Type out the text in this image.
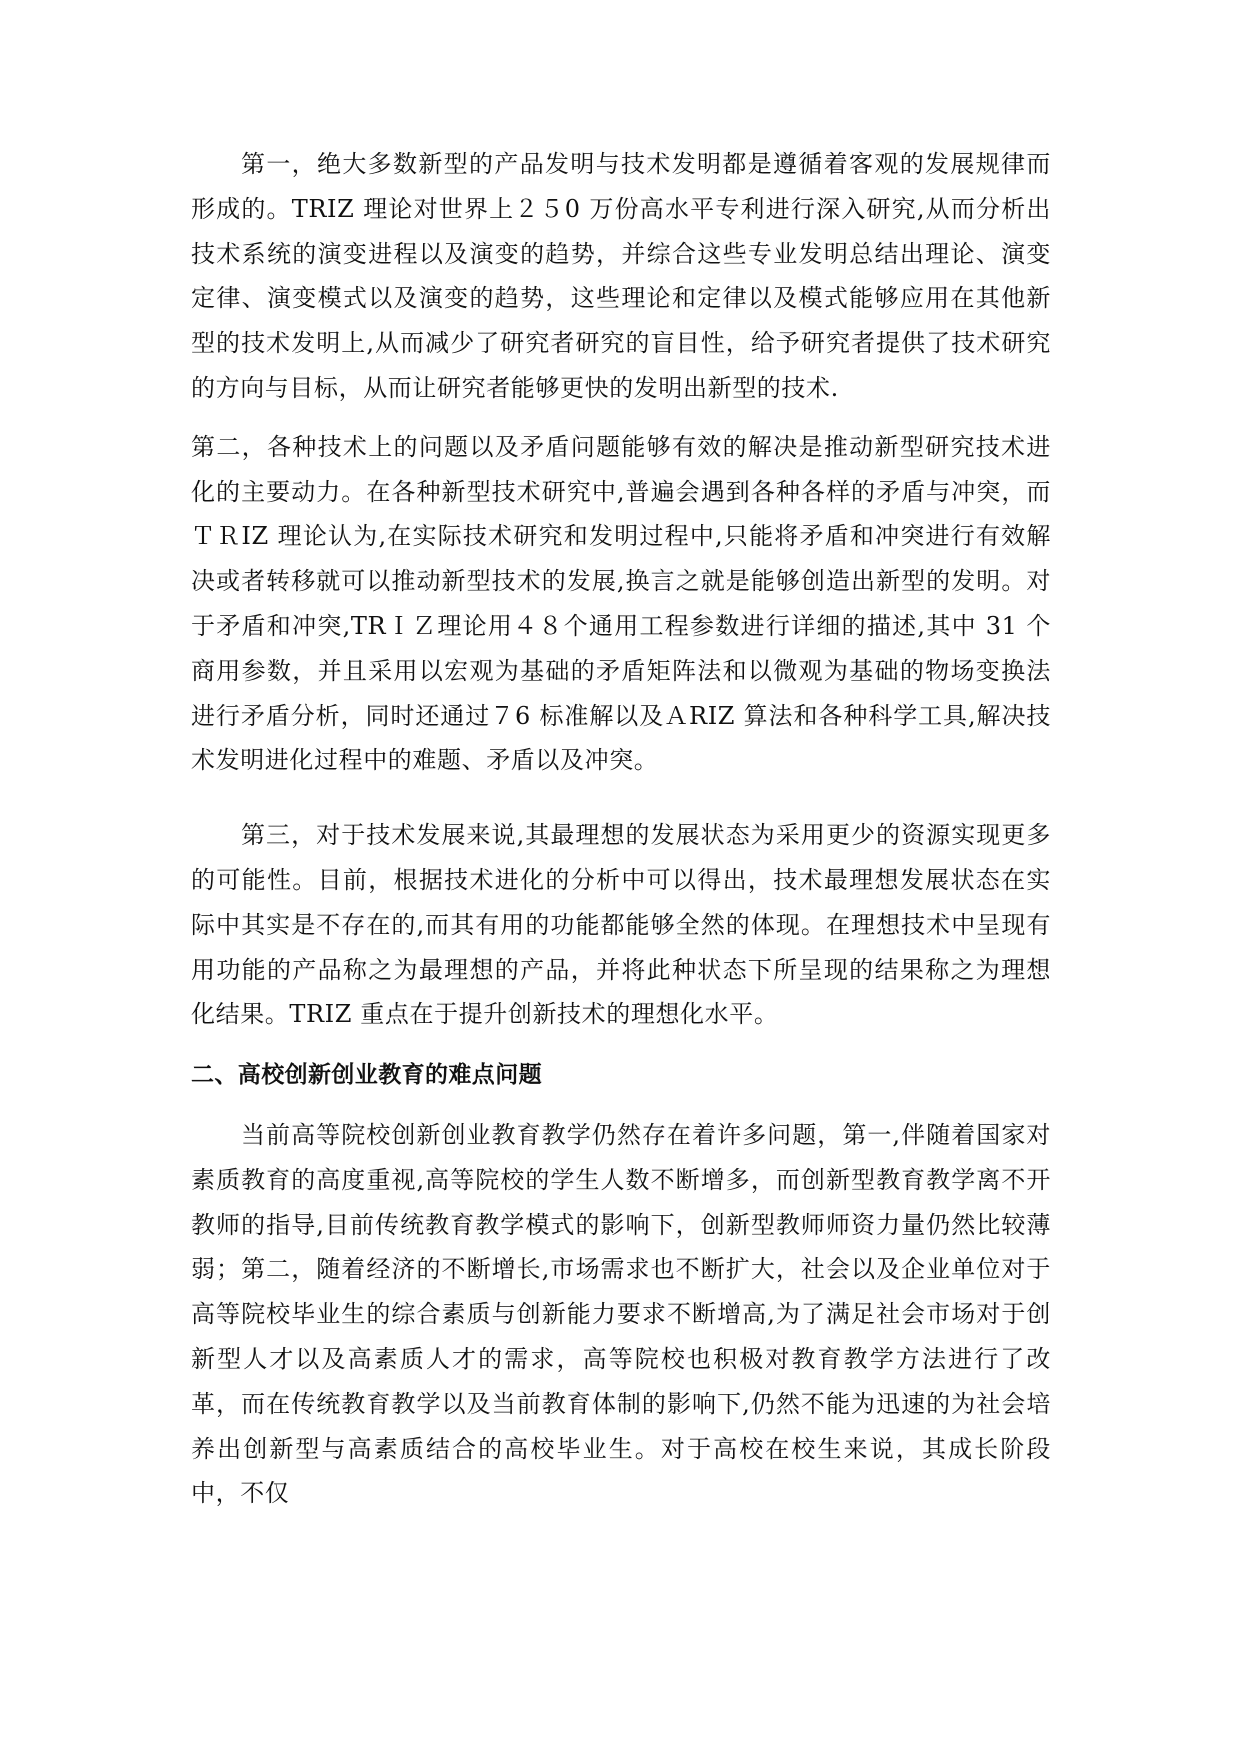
第一，绝大多数新型的产品发明与技术发明都是遵循着客观的发展规律而形成的。TRIZ 理论对世界上２５0 万份高水平专利进行深入研究,从而分析出技术系统的演变进程以及演变的趋势，并综合这些专业发明总结出理论、演变定律、演变模式以及演变的趋势，这些理论和定律以及模式能够应用在其他新型的技术发明上,从而减少了研究者研究的盲目性，给予研究者提供了技术研究的方向与目标，从而让研究者能够更快的发明出新型的技术.

第二，各种技术上的问题以及矛盾问题能够有效的解决是推动新型研究技术进化的主要动力。在各种新型技术研究中,普遍会遇到各种各样的矛盾与冲突，而ＴＲIZ 理论认为,在实际技术研究和发明过程中,只能将矛盾和冲突进行有效解决或者转移就可以推动新型技术的发展,换言之就是能够创造出新型的发明。对于矛盾和冲突,TRＩＺ理论用４８个通用工程参数进行详细的描述,其中 31 个商用参数，并且采用以宏观为基础的矛盾矩阵法和以微观为基础的物场变换法进行矛盾分析，同时还通过７6 标准解以及ＡRIZ 算法和各种科学工具,解决技术发明进化过程中的难题、矛盾以及冲突。

第三，对于技术发展来说,其最理想的发展状态为采用更少的资源实现更多的可能性。目前，根据技术进化的分析中可以得出，技术最理想发展状态在实际中其实是不存在的,而其有用的功能都能够全然的体现。在理想技术中呈现有用功能的产品称之为最理想的产品，并将此种状态下所呈现的结果称之为理想化结果。TRIZ 重点在于提升创新技术的理想化水平。

二、高校创新创业教育的难点问题

当前高等院校创新创业教育教学仍然存在着许多问题，第一,伴随着国家对素质教育的高度重视,高等院校的学生人数不断增多，而创新型教育教学离不开教师的指导,目前传统教育教学模式的影响下，创新型教师师资力量仍然比较薄弱；第二，随着经济的不断增长,市场需求也不断扩大，社会以及企业单位对于高等院校毕业生的综合素质与创新能力要求不断增高,为了满足社会市场对于创新型人才以及高素质人才的需求，高等院校也积极对教育教学方法进行了改革，而在传统教育教学以及当前教育体制的影响下,仍然不能为迅速的为社会培养出创新型与高素质结合的高校毕业生。对于高校在校生来说，其成长阶段中，不仅
